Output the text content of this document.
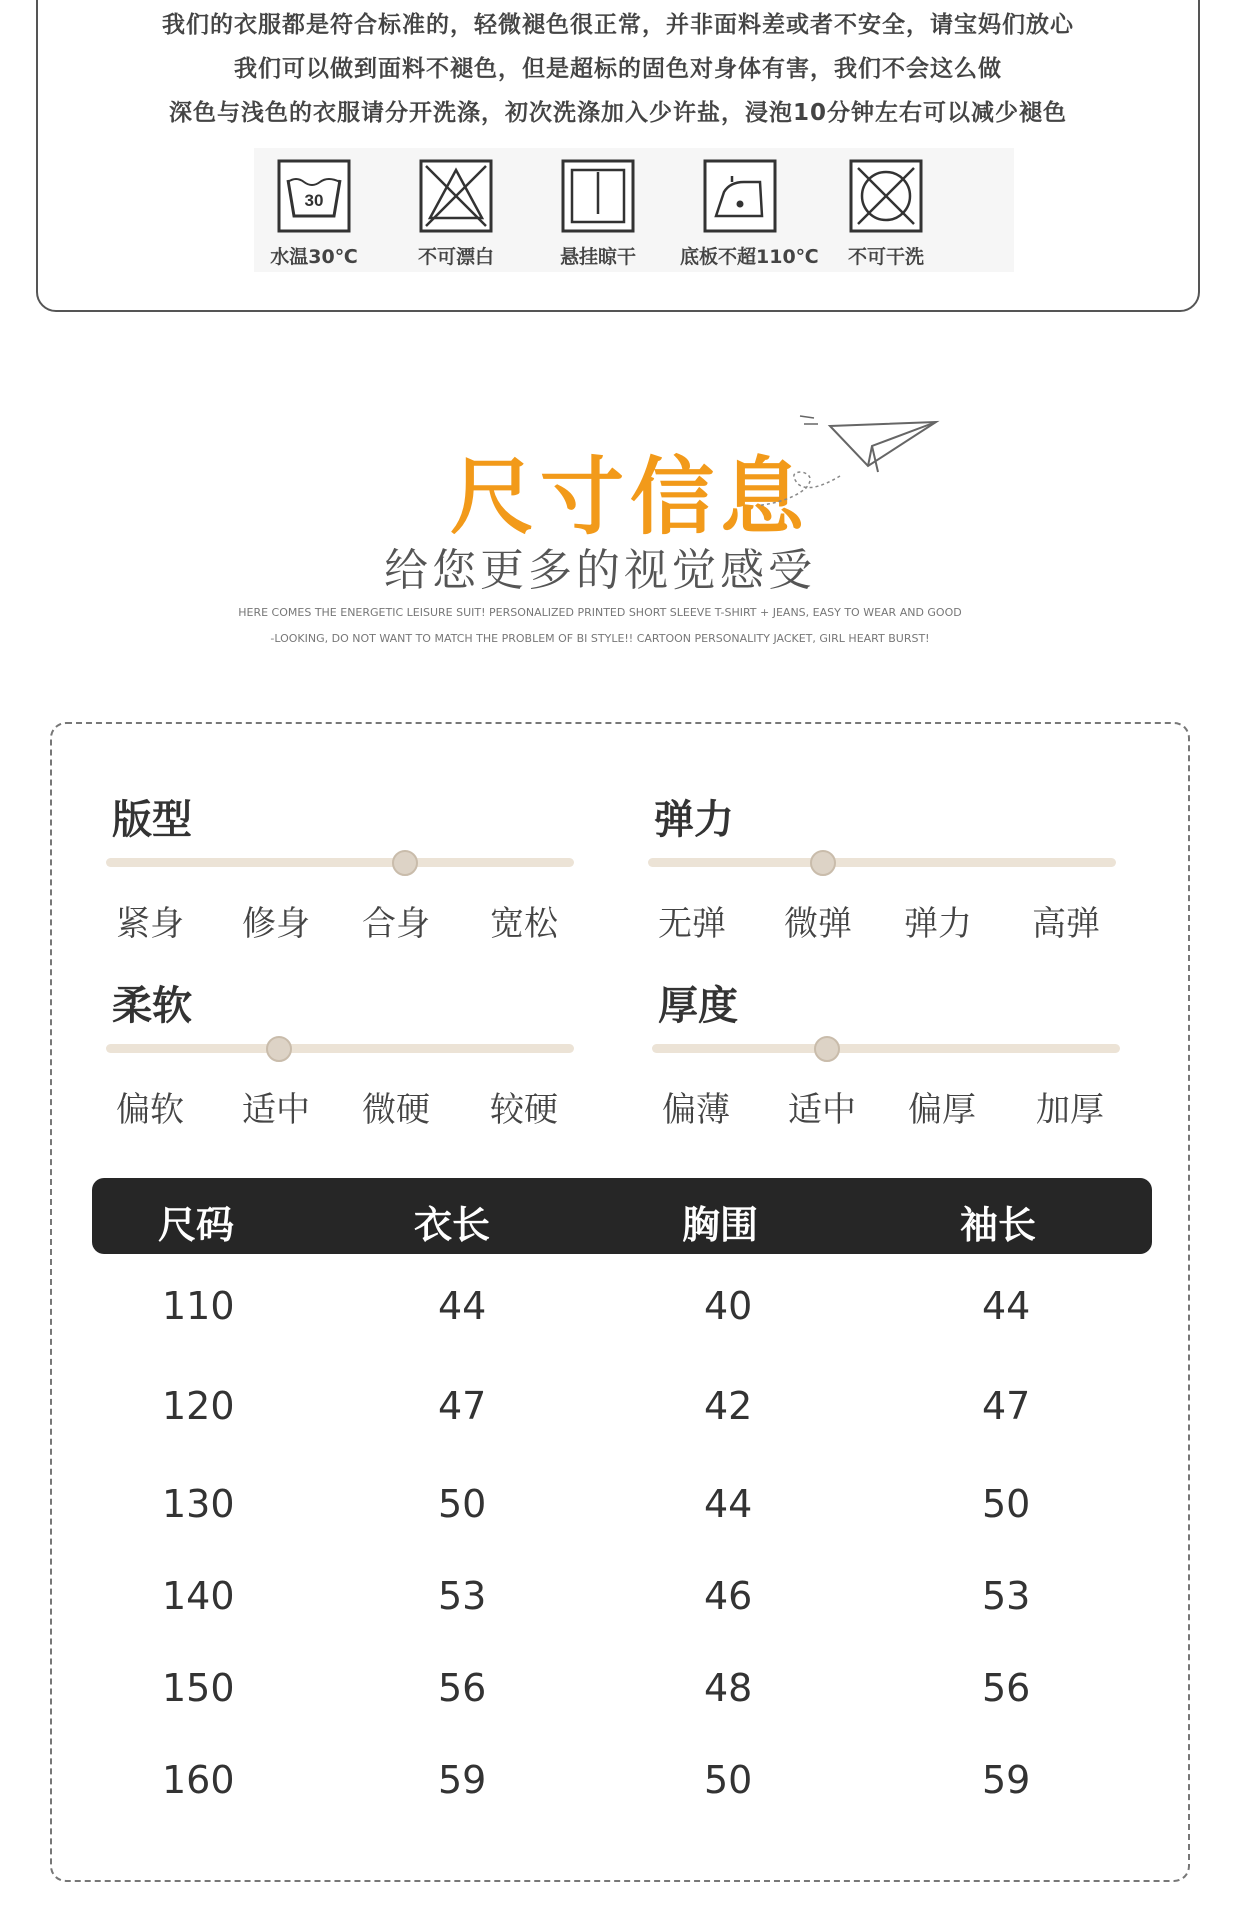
我们的衣服都是符合标准的，轻微褪色很正常，并非面料差或者不安全，请宝妈们放心
我们可以做到面料不褪色，但是超标的固色对身体有害，我们不会这么做
深色与浅色的衣服请分开洗涤，初次洗涤加入少许盐，浸泡10分钟左右可以减少褪色
30
水温30℃	不可漂白	悬挂晾干	底板不超110℃	不可干洗
尺寸信息
给您更多的视觉感受
HERE COMES THE ENERGETIC LEISURE SUIT! PERSONALIZED PRINTED SHORT SLEEVE T-SHIRT + JEANS, EASY TO WEAR AND GOOD
-LOOKING, DO NOT WANT TO MATCH THE PROBLEM OF BI STYLE!! CARTOON PERSONALITY JACKET, GIRL HEART BURST!
版型
紧身 修身 合身 宽松
弹力
无弹 微弹 弹力 高弹
柔软
偏软 适中 微硬 较硬
厚度
偏薄 适中 偏厚 加厚
尺码	衣长	胸围	袖长
110	44	40	44
120	47	42	47
130	50	44	50
140	53	46	53
150	56	48	56
160	59	50	59
